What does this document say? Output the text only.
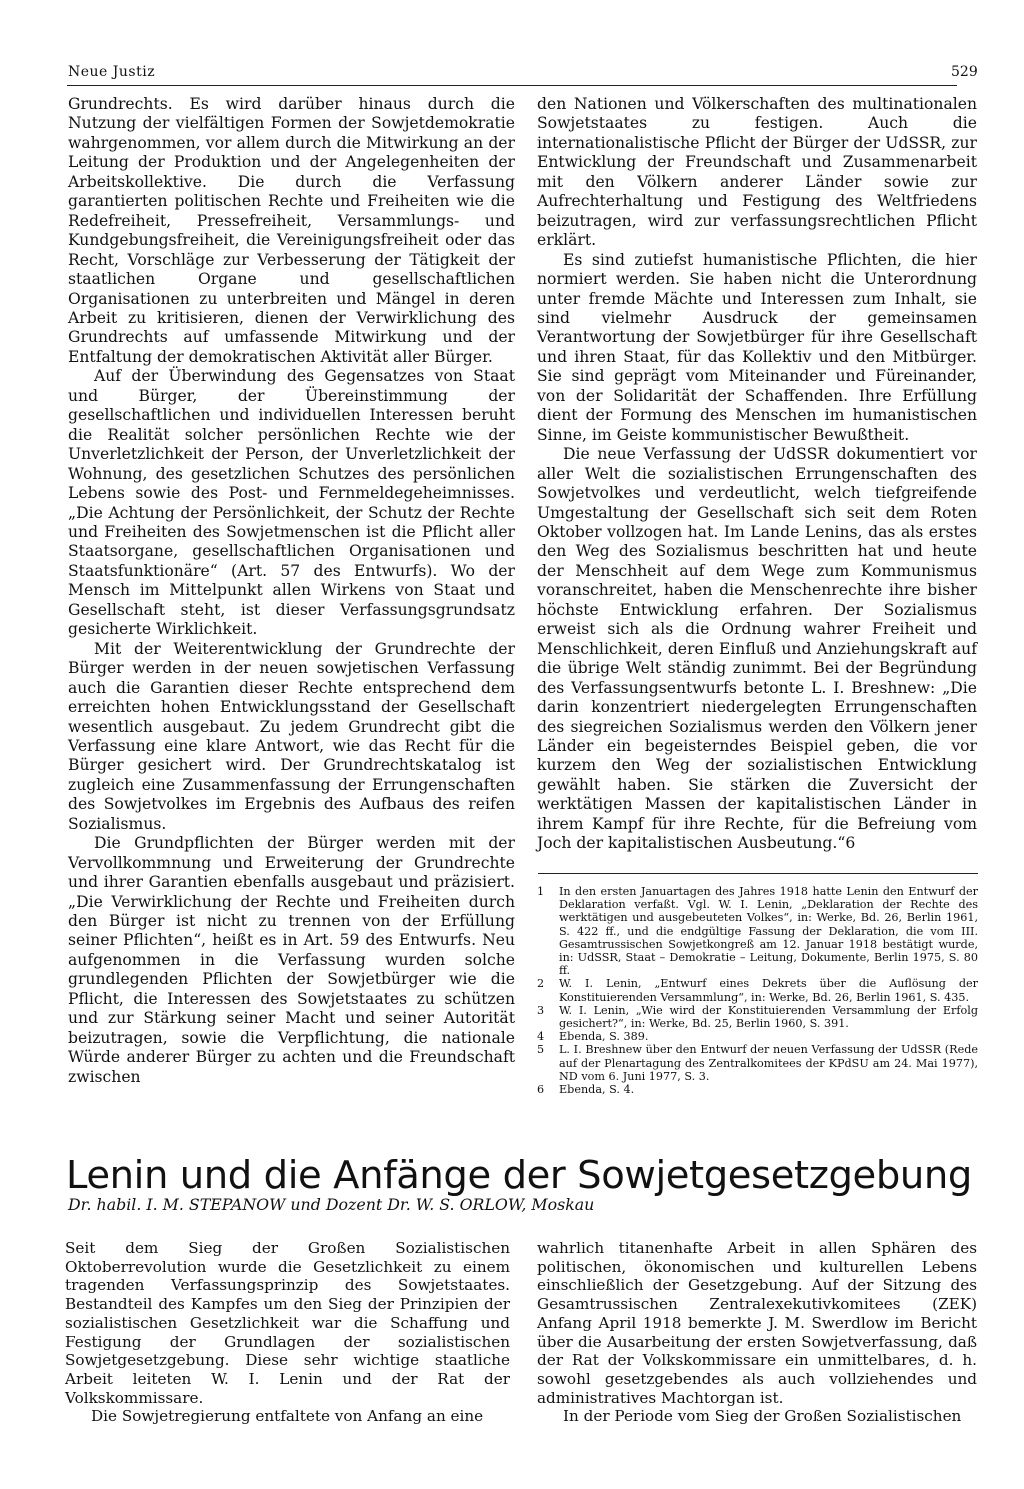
Neue Justiz	529

Grundrechts. Es wird darüber hinaus durch die Nutzung der vielfältigen Formen der Sowjetdemokratie wahrgenommen, vor allem durch die Mitwirkung an der Leitung der Produktion und der Angelegenheiten der Arbeitskollektive. Die durch die Verfassung garantierten politischen Rechte und Freiheiten wie die Redefreiheit, Pressefreiheit, Versammlungs- und Kundgebungsfreiheit, die Vereinigungsfreiheit oder das Recht, Vorschläge zur Verbesserung der Tätigkeit der staatlichen Organe und gesellschaftlichen Organisationen zu unterbreiten und Mängel in deren Arbeit zu kritisieren, dienen der Verwirklichung des Grundrechts auf umfassende Mitwirkung und der Entfaltung der demokratischen Aktivität aller Bürger.

Auf der Überwindung des Gegensatzes von Staat und Bürger, der Übereinstimmung der gesellschaftlichen und individuellen Interessen beruht die Realität solcher persönlichen Rechte wie der Unverletzlichkeit der Person, der Unverletzlichkeit der Wohnung, des gesetzlichen Schutzes des persönlichen Lebens sowie des Post- und Fernmeldegeheimnisses. „Die Achtung der Persönlichkeit, der Schutz der Rechte und Freiheiten des Sowjetmenschen ist die Pflicht aller Staatsorgane, gesellschaftlichen Organisationen und Staatsfunktionäre“ (Art. 57 des Entwurfs). Wo der Mensch im Mittelpunkt allen Wirkens von Staat und Gesellschaft steht, ist dieser Verfassungsgrundsatz gesicherte Wirklichkeit.

Mit der Weiterentwicklung der Grundrechte der Bürger werden in der neuen sowjetischen Verfassung auch die Garantien dieser Rechte entsprechend dem erreichten hohen Entwicklungsstand der Gesellschaft wesentlich ausgebaut. Zu jedem Grundrecht gibt die Verfassung eine klare Antwort, wie das Recht für die Bürger gesichert wird. Der Grundrechtskatalog ist zugleich eine Zusammenfassung der Errungenschaften des Sowjetvolkes im Ergebnis des Aufbaus des reifen Sozialismus.

Die Grundpflichten der Bürger werden mit der Vervollkommnung und Erweiterung der Grundrechte und ihrer Garantien ebenfalls ausgebaut und präzisiert. „Die Verwirklichung der Rechte und Freiheiten durch den Bürger ist nicht zu trennen von der Erfüllung seiner Pflichten“, heißt es in Art. 59 des Entwurfs. Neu aufgenommen in die Verfassung wurden solche grundlegenden Pflichten der Sowjetbürger wie die Pflicht, die Interessen des Sowjetstaates zu schützen und zur Stärkung seiner Macht und seiner Autorität beizutragen, sowie die Verpflichtung, die nationale Würde anderer Bürger zu achten und die Freundschaft zwischen

den Nationen und Völkerschaften des multinationalen Sowjetstaates zu festigen. Auch die internationalistische Pflicht der Bürger der UdSSR, zur Entwicklung der Freundschaft und Zusammenarbeit mit den Völkern anderer Länder sowie zur Aufrechterhaltung und Festigung des Weltfriedens beizutragen, wird zur verfassungsrechtlichen Pflicht erklärt.

Es sind zutiefst humanistische Pflichten, die hier normiert werden. Sie haben nicht die Unterordnung unter fremde Mächte und Interessen zum Inhalt, sie sind vielmehr Ausdruck der gemeinsamen Verantwortung der Sowjetbürger für ihre Gesellschaft und ihren Staat, für das Kollektiv und den Mitbürger. Sie sind geprägt vom Miteinander und Füreinander, von der Solidarität der Schaffenden. Ihre Erfüllung dient der Formung des Menschen im humanistischen Sinne, im Geiste kommunistischer Bewußtheit.

Die neue Verfassung der UdSSR dokumentiert vor aller Welt die sozialistischen Errungenschaften des Sowjetvolkes und verdeutlicht, welch tiefgreifende Umgestaltung der Gesellschaft sich seit dem Roten Oktober vollzogen hat. Im Lande Lenins, das als erstes den Weg des Sozialismus beschritten hat und heute der Menschheit auf dem Wege zum Kommunismus voranschreitet, haben die Menschenrechte ihre bisher höchste Entwicklung erfahren. Der Sozialismus erweist sich als die Ordnung wahrer Freiheit und Menschlichkeit, deren Einfluß und Anziehungskraft auf die übrige Welt ständig zunimmt. Bei der Begründung des Verfassungsentwurfs betonte L. I. Breshnew: „Die darin konzentriert niedergelegten Errungenschaften des siegreichen Sozialismus werden den Völkern jener Länder ein begeisterndes Beispiel geben, die vor kurzem den Weg der sozialistischen Entwicklung gewählt haben. Sie stärken die Zuversicht der werktätigen Massen der kapitalistischen Länder in ihrem Kampf für ihre Rechte, für die Befreiung vom Joch der kapitalistischen Ausbeutung.“6

1	In den ersten Januartagen des Jahres 1918 hatte Lenin den Entwurf der Deklaration verfaßt. Vgl. W. I. Lenin, „Deklaration der Rechte des werktätigen und ausgebeuteten Volkes“, in: Werke, Bd. 26, Berlin 1961, S. 422 ff., und die endgültige Fassung der Deklaration, die vom III. Gesamtrussischen Sowjetkongreß am 12. Januar 1918 bestätigt wurde, in: UdSSR, Staat – Demokratie – Leitung, Dokumente, Berlin 1975, S. 80 ff.
2	W. I. Lenin, „Entwurf eines Dekrets über die Auflösung der Konstituierenden Versammlung“, in: Werke, Bd. 26, Berlin 1961, S. 435.
3	W. I. Lenin, „Wie wird der Konstituierenden Versammlung der Erfolg gesichert?“, in: Werke, Bd. 25, Berlin 1960, S. 391.
4	Ebenda, S. 389.
5	L. I. Breshnew über den Entwurf der neuen Verfassung der UdSSR (Rede auf der Plenartagung des Zentralkomitees der KPdSU am 24. Mai 1977), ND vom 6. Juni 1977, S. 3.
6	Ebenda, S. 4.
Lenin und die Anfänge der Sowjetgesetzgebung
Dr. habil. I. M. STEPANOW und Dozent Dr. W. S. ORLOW, Moskau

Seit dem Sieg der Großen Sozialistischen Oktoberrevolution wurde die Gesetzlichkeit zu einem tragenden Verfassungsprinzip des Sowjetstaates. Bestandteil des Kampfes um den Sieg der Prinzipien der sozialistischen Gesetzlichkeit war die Schaffung und Festigung der Grundlagen der sozialistischen Sowjetgesetzgebung. Diese sehr wichtige staatliche Arbeit leiteten W. I. Lenin und der Rat der Volkskommissare.

Die Sowjetregierung entfaltete von Anfang an eine

wahrlich titanenhafte Arbeit in allen Sphären des politischen, ökonomischen und kulturellen Lebens einschließlich der Gesetzgebung. Auf der Sitzung des Gesamtrussischen Zentralexekutivkomitees (ZEK) Anfang April 1918 bemerkte J. M. Swerdlow im Bericht über die Ausarbeitung der ersten Sowjetverfassung, daß der Rat der Volkskommissare ein unmittelbares, d. h. sowohl gesetzgebendes als auch vollziehendes und administratives Machtorgan ist.

In der Periode vom Sieg der Großen Sozialistischen
